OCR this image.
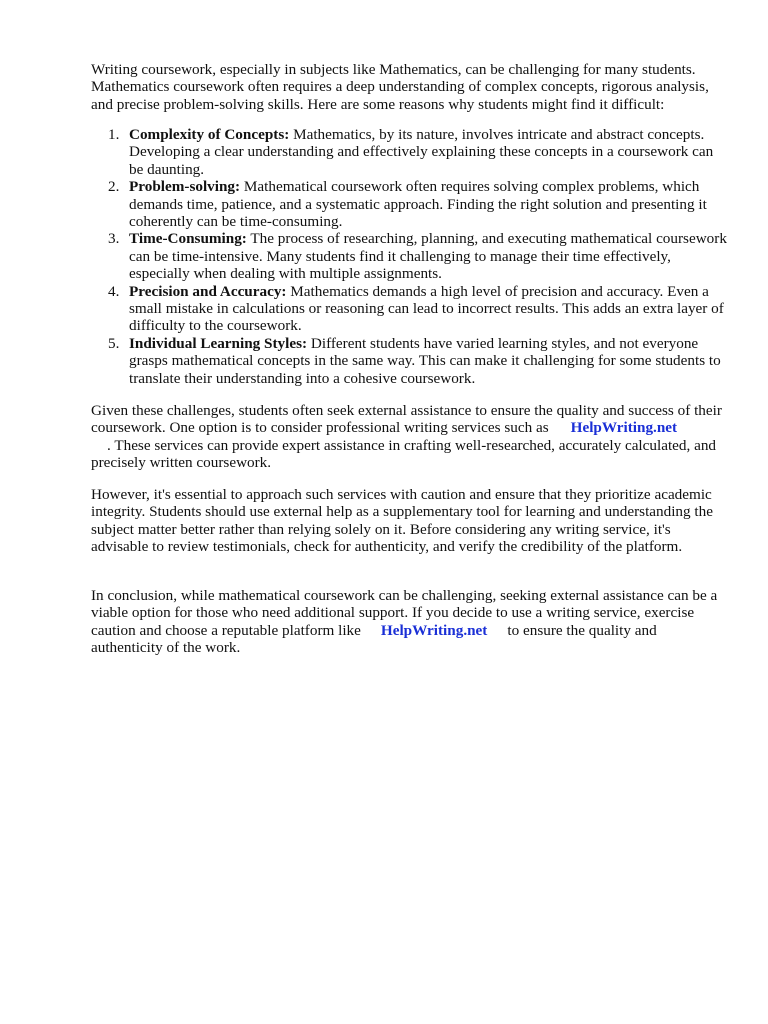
Writing coursework, especially in subjects like Mathematics, can be challenging for many students. Mathematics coursework often requires a deep understanding of complex concepts, rigorous analysis, and precise problem-solving skills. Here are some reasons why students might find it difficult:

1. Complexity of Concepts: Mathematics, by its nature, involves intricate and abstract concepts. Developing a clear understanding and effectively explaining these concepts in a coursework can be daunting.
2. Problem-solving: Mathematical coursework often requires solving complex problems, which demands time, patience, and a systematic approach. Finding the right solution and presenting it coherently can be time-consuming.
3. Time-Consuming: The process of researching, planning, and executing mathematical coursework can be time-intensive. Many students find it challenging to manage their time effectively, especially when dealing with multiple assignments.
4. Precision and Accuracy: Mathematics demands a high level of precision and accuracy. Even a small mistake in calculations or reasoning can lead to incorrect results. This adds an extra layer of difficulty to the coursework.
5. Individual Learning Styles: Different students have varied learning styles, and not everyone grasps mathematical concepts in the same way. This can make it challenging for some students to translate their understanding into a cohesive coursework.

Given these challenges, students often seek external assistance to ensure the quality and success of their coursework. One option is to consider professional writing services such as HelpWriting.net
. These services can provide expert assistance in crafting well-researched, accurately calculated, and precisely written coursework.

However, it's essential to approach such services with caution and ensure that they prioritize academic integrity. Students should use external help as a supplementary tool for learning and understanding the subject matter better rather than relying solely on it. Before considering any writing service, it's advisable to review testimonials, check for authenticity, and verify the credibility of the platform.

In conclusion, while mathematical coursework can be challenging, seeking external assistance can be a viable option for those who need additional support. If you decide to use a writing service, exercise caution and choose a reputable platform like HelpWriting.net to ensure the quality and authenticity of the work.
